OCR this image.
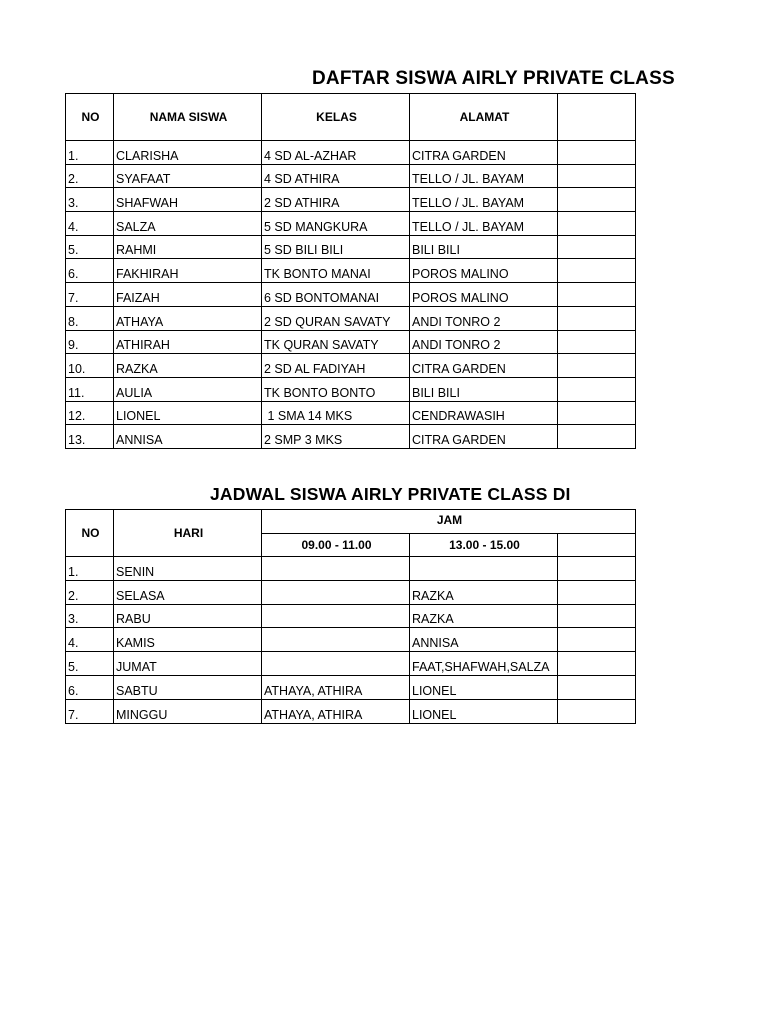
DAFTAR SISWA AIRLY PRIVATE CLASS
NO	NAMA SISWA	KELAS	ALAMAT	
1.	CLARISHA	4 SD AL-AZHAR	CITRA GARDEN	
2.	SYAFAAT	4 SD ATHIRA	TELLO / JL. BAYAM	
3.	SHAFWAH	2 SD ATHIRA	TELLO / JL. BAYAM	
4.	SALZA	5 SD MANGKURA	TELLO / JL. BAYAM	
5.	RAHMI	5 SD BILI BILI	BILI BILI	
6.	FAKHIRAH	TK BONTO MANAI	POROS MALINO	
7.	FAIZAH	6 SD BONTOMANAI	POROS MALINO	
8.	ATHAYA	2 SD QURAN SAVATY	ANDI TONRO 2	
9.	ATHIRAH	TK QURAN SAVATY	ANDI TONRO 2	
10.	RAZKA	2 SD AL FADIYAH	CITRA GARDEN	
11.	AULIA	TK BONTO BONTO	BILI BILI	
12.	LIONEL	1 SMA 14 MKS	CENDRAWASIH	
13.	ANNISA	2 SMP 3 MKS	CITRA GARDEN	
JADWAL SISWA AIRLY PRIVATE CLASS DI
NO	HARI	JAM		
		09.00 - 11.00	13.00 - 15.00	
1.	SENIN			
2.	SELASA		RAZKA	
3.	RABU		RAZKA	
4.	KAMIS		ANNISA	
5.	JUMAT		FAAT,SHAFWAH,SALZA	
6.	SABTU	ATHAYA, ATHIRA	LIONEL	
7.	MINGGU	ATHAYA, ATHIRA	LIONEL	
